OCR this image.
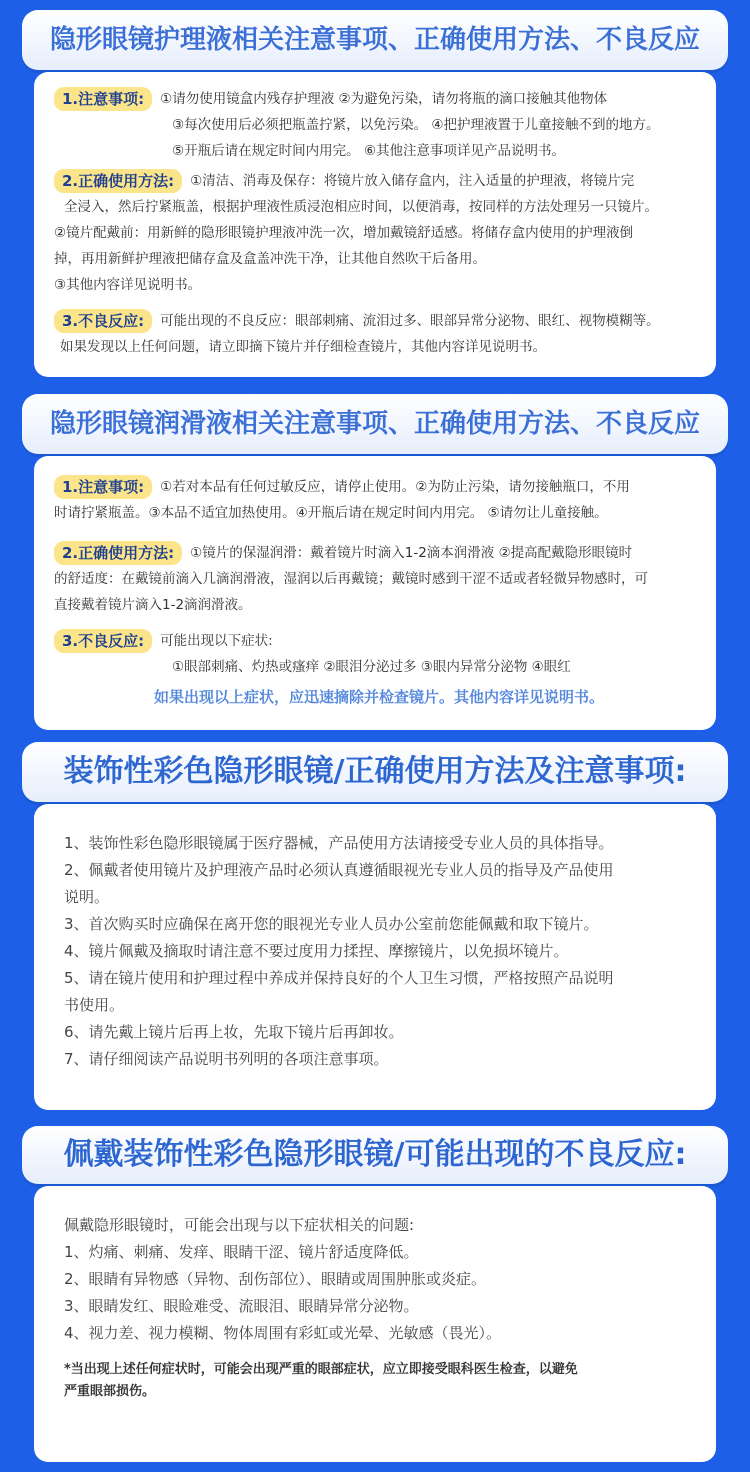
隐形眼镜护理液相关注意事项、正确使用方法、不良反应
1.注意事项: ①请勿使用镜盒内残存护理液 ②为避免污染，请勿将瓶的滴口接触其他物体
③每次使用后必须把瓶盖拧紧，以免污染。 ④把护理液置于儿童接触不到的地方。
⑤开瓶后请在规定时间内用完。 ⑥其他注意事项详见产品说明书。
2.正确使用方法: ①清洁、消毒及保存：将镜片放入储存盒内，注入适量的护理液，将镜片完
全浸入，然后拧紧瓶盖，根据护理液性质浸泡相应时间，以便消毒，按同样的方法处理另一只镜片。
②镜片配戴前：用新鲜的隐形眼镜护理液冲洗一次，增加戴镜舒适感。将储存盒内使用的护理液倒
掉，再用新鲜护理液把储存盒及盒盖冲洗干净，让其他自然吹干后备用。
③其他内容详见说明书。
3.不良反应: 可能出现的不良反应：眼部刺痛、流泪过多、眼部异常分泌物、眼红、视物模糊等。
如果发现以上任何问题，请立即摘下镜片并仔细检查镜片，其他内容详见说明书。
隐形眼镜润滑液相关注意事项、正确使用方法、不良反应
1.注意事项: ①若对本品有任何过敏反应，请停止使用。②为防止污染，请勿接触瓶口，不用
时请拧紧瓶盖。③本品不适宜加热使用。④开瓶后请在规定时间内用完。 ⑤请勿让儿童接触。
2.正确使用方法: ①镜片的保湿润滑：戴着镜片时滴入1-2滴本润滑液 ②提高配戴隐形眼镜时
的舒适度：在戴镜前滴入几滴润滑液，湿润以后再戴镜；戴镜时感到干涩不适或者轻微异物感时，可
直接戴着镜片滴入1-2滴润滑液。
3.不良反应: 可能出现以下症状:
①眼部刺痛、灼热或瘙痒 ②眼泪分泌过多 ③眼内异常分泌物 ④眼红
如果出现以上症状，应迅速摘除并检查镜片。其他内容详见说明书。
装饰性彩色隐形眼镜/正确使用方法及注意事项:
1、装饰性彩色隐形眼镜属于医疗器械，产品使用方法请接受专业人员的具体指导。
2、佩戴者使用镜片及护理液产品时必须认真遵循眼视光专业人员的指导及产品使用
说明。
3、首次购买时应确保在离开您的眼视光专业人员办公室前您能佩戴和取下镜片。
4、镜片佩戴及摘取时请注意不要过度用力揉捏、摩擦镜片，以免损坏镜片。
5、请在镜片使用和护理过程中养成并保持良好的个人卫生习惯，严格按照产品说明
书使用。
6、请先戴上镜片后再上妆，先取下镜片后再卸妆。
7、请仔细阅读产品说明书列明的各项注意事项。
佩戴装饰性彩色隐形眼镜/可能出现的不良反应:
佩戴隐形眼镜时，可能会出现与以下症状相关的问题:
1、灼痛、刺痛、发痒、眼睛干涩、镜片舒适度降低。
2、眼睛有异物感（异物、刮伤部位）、眼睛或周围肿胀或炎症。
3、眼睛发红、眼睑难受、流眼泪、眼睛异常分泌物。
4、视力差、视力模糊、物体周围有彩虹或光晕、光敏感（畏光）。
*当出现上述任何症状时，可能会出现严重的眼部症状，应立即接受眼科医生检查，以避免
严重眼部损伤。
